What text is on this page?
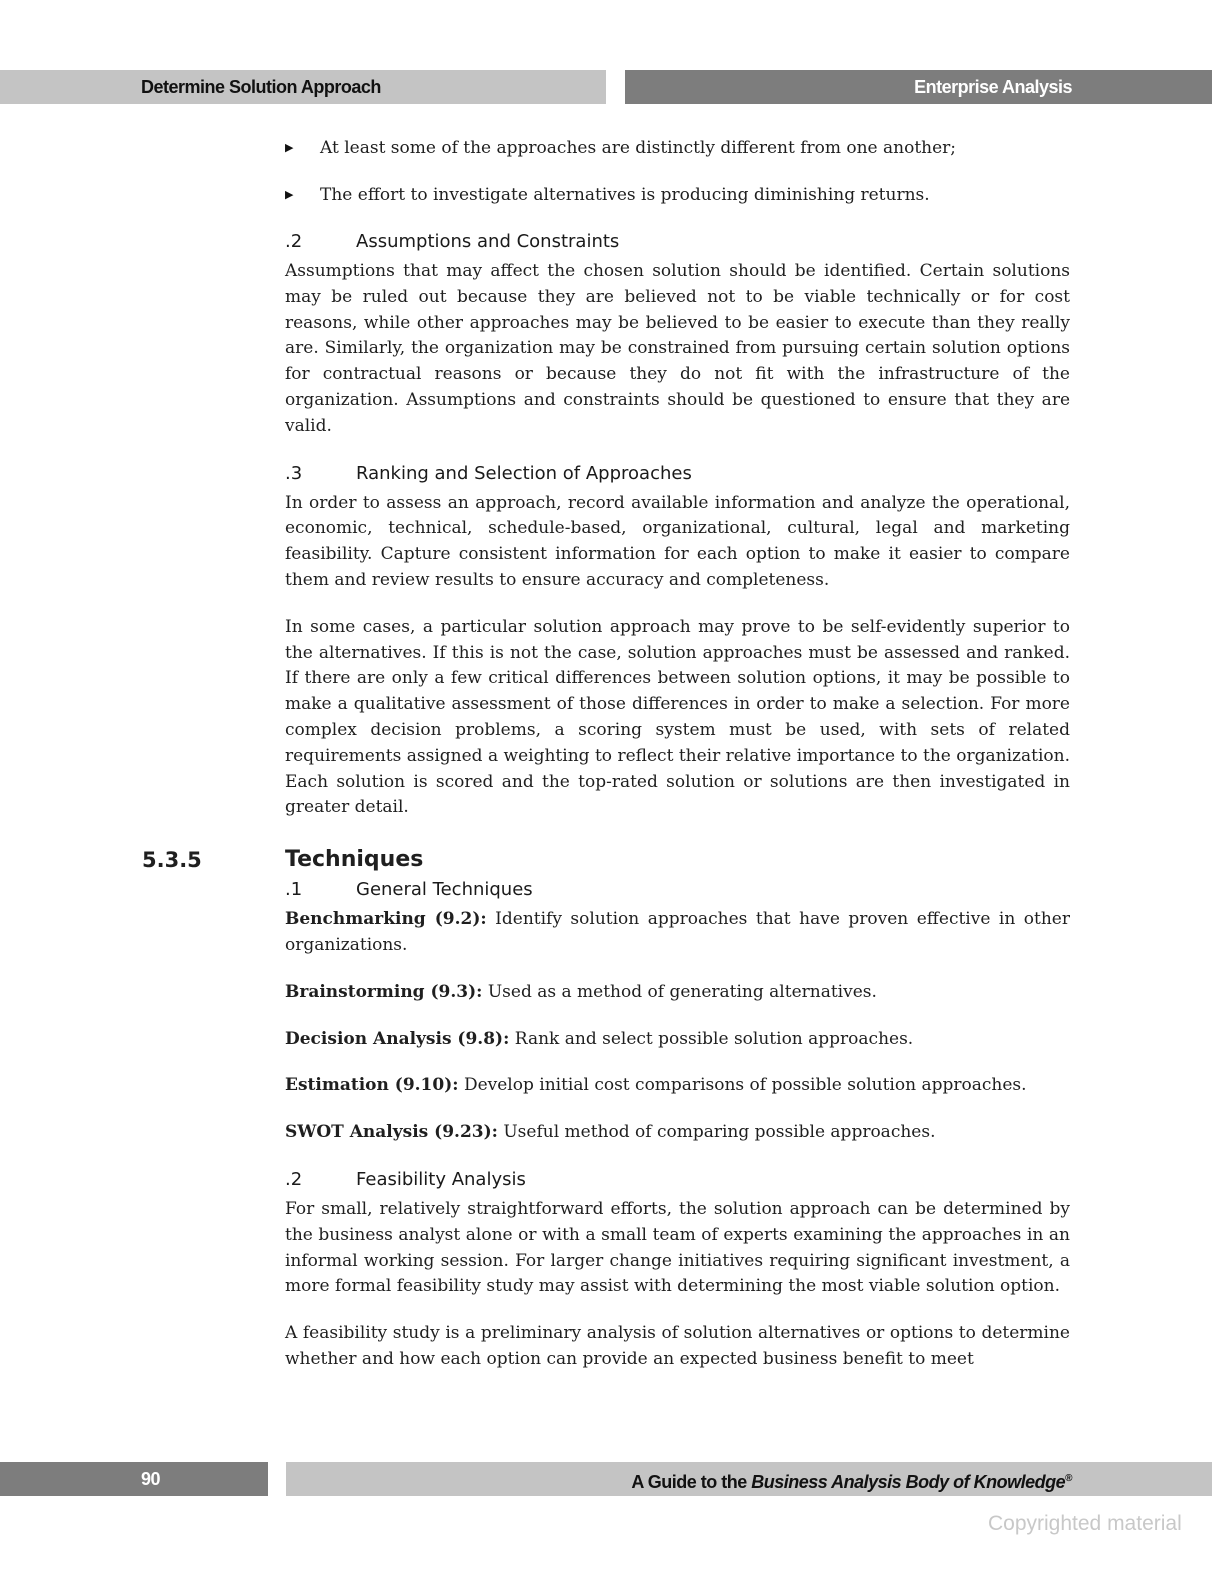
Determine Solution Approach	Enterprise Analysis
▶ At least some of the approaches are distinctly different from one another;
▶ The effort to investigate alternatives is producing diminishing returns.
.2	Assumptions and Constraints

Assumptions that may affect the chosen solution should be identified. Certain solutions may be ruled out because they are believed not to be viable technically or for cost reasons, while other approaches may be believed to be easier to execute than they really are. Similarly, the organization may be constrained from pursuing certain solution options for contractual reasons or because they do not fit with the infrastructure of the organization. Assumptions and constraints should be questioned to ensure that they are valid.

.3	Ranking and Selection of Approaches

In order to assess an approach, record available information and analyze the operational, economic, technical, schedule-based, organizational, cultural, legal and marketing feasibility. Capture consistent information for each option to make it easier to compare them and review results to ensure accuracy and completeness.

In some cases, a particular solution approach may prove to be self-evidently superior to the alternatives. If this is not the case, solution approaches must be assessed and ranked. If there are only a few critical differences between solution options, it may be possible to make a qualitative assessment of those differences in order to make a selection. For more complex decision problems, a scoring system must be used, with sets of related requirements assigned a weighting to reflect their relative importance to the organization. Each solution is scored and the top-rated solution or solutions are then investigated in greater detail.

5.3.5	Techniques
.1	General Techniques

Benchmarking (9.2): Identify solution approaches that have proven effective in other organizations.

Brainstorming (9.3): Used as a method of generating alternatives.

Decision Analysis (9.8): Rank and select possible solution approaches.

Estimation (9.10): Develop initial cost comparisons of possible solution approaches.

SWOT Analysis (9.23): Useful method of comparing possible approaches.

.2	Feasibility Analysis

For small, relatively straightforward efforts, the solution approach can be determined by the business analyst alone or with a small team of experts examining the approaches in an informal working session. For larger change initiatives requiring significant investment, a more formal feasibility study may assist with determining the most viable solution option.

A feasibility study is a preliminary analysis of solution alternatives or options to determine whether and how each option can provide an expected business benefit to meet

90	A Guide to the Business Analysis Body of Knowledge®
Copyrighted material
